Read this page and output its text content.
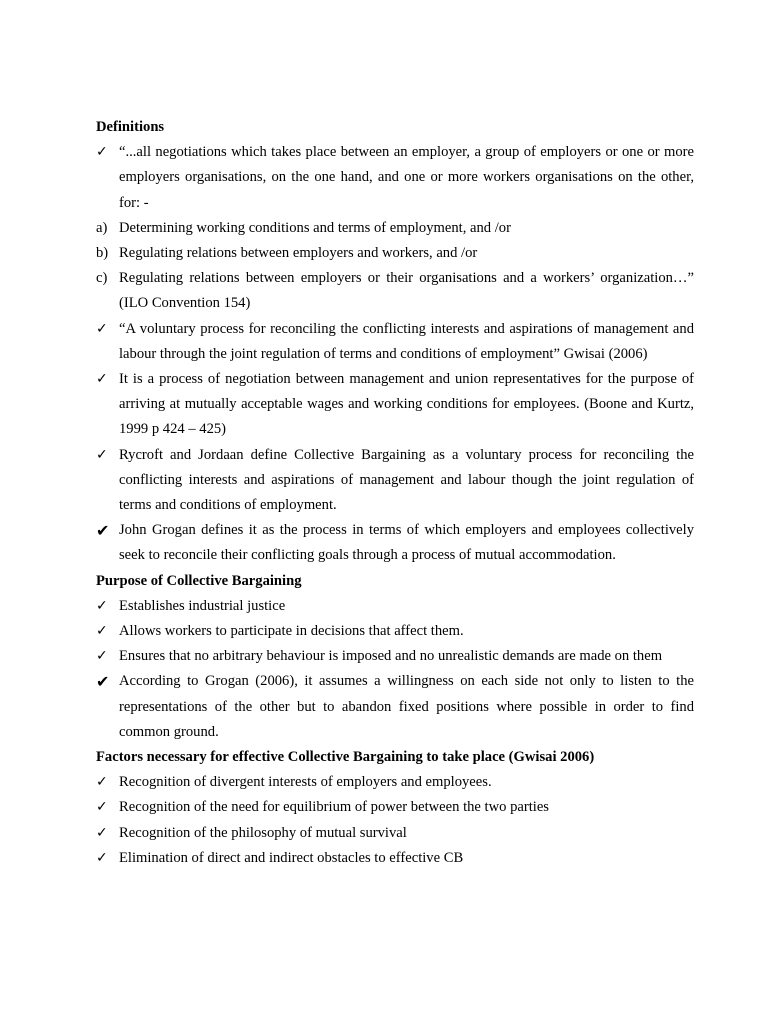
Definitions
✓ “...all negotiations which takes place between an employer, a group of employers or one or more employers organisations, on the one hand, and one or more workers organisations on the other, for: -
a) Determining working conditions and terms of employment, and /or
b) Regulating relations between employers and workers, and /or
c) Regulating relations between employers or their organisations and a workers’ organization…” (ILO Convention 154)
✓ “A voluntary process for reconciling the conflicting interests and aspirations of management and labour through the joint regulation of terms and conditions of employment” Gwisai (2006)
✓ It is a process of negotiation between management and union representatives for the purpose of arriving at mutually acceptable wages and working conditions for employees. (Boone and Kurtz, 1999 p 424 – 425)
✓ Rycroft and Jordaan define Collective Bargaining as a voluntary process for reconciling the conflicting interests and aspirations of management and labour though the joint regulation of terms and conditions of employment.
✔ John Grogan defines it as the process in terms of which employers and employees collectively seek to reconcile their conflicting goals through a process of mutual accommodation.
Purpose of Collective Bargaining
✓ Establishes industrial justice
✓ Allows workers to participate in decisions that affect them.
✓ Ensures that no arbitrary behaviour is imposed and no unrealistic demands are made on them
✔ According to Grogan (2006), it assumes a willingness on each side not only to listen to the representations of the other but to abandon fixed positions where possible in order to find common ground.
Factors necessary for effective Collective Bargaining to take place (Gwisai 2006)
✓ Recognition of divergent interests of employers and employees.
✓ Recognition of the need for equilibrium of power between the two parties
✓ Recognition of the philosophy of mutual survival
✓ Elimination of direct and indirect obstacles to effective CB
